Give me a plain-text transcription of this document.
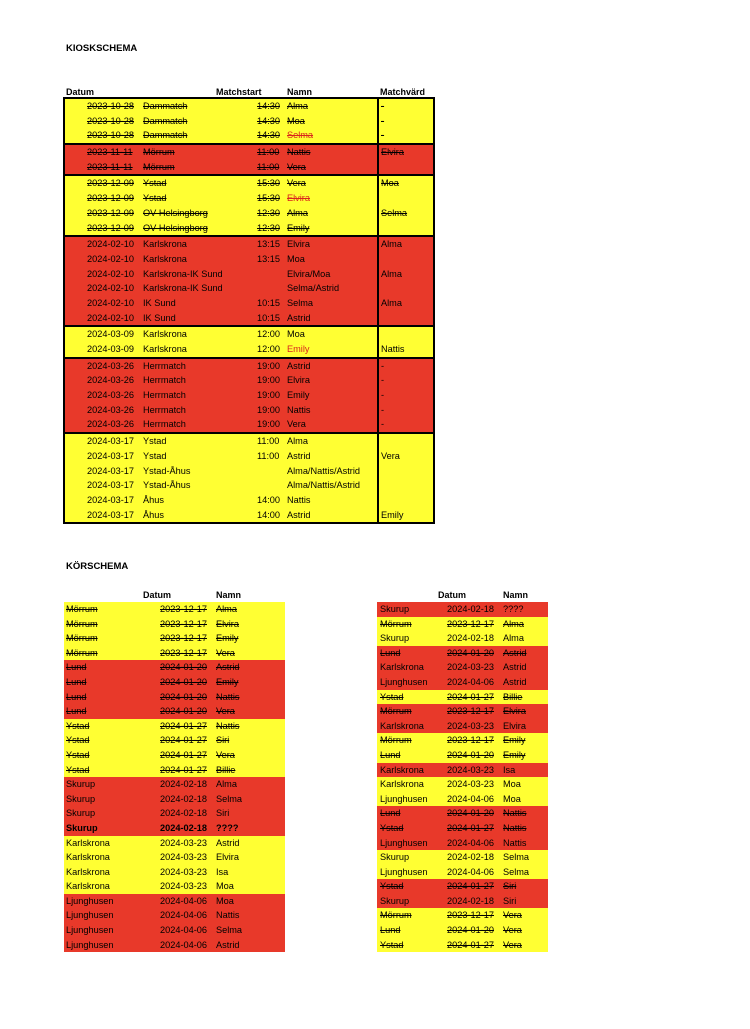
KIOSKSCHEMA
Datum	Matchstart	Namn	Matchvärd
2023-10-28 Dammatch	14:30 Alma	-
2023-10-28 Dammatch	14:30 Moa	-
2023-10-28 Dammatch	14:30 Selma	-
2023-11-11 Mörrum	11:00 Nattis	Elvira
2023-11-11 Mörrum	11:00 Vera
2023-12-09 Ystad	15:30 Vera	Moa
2023-12-09 Ystad	15:30 Elvira
2023-12-09 OV Helsingborg	12:30 Alma	Selma
2023-12-09 OV Helsingborg	12:30 Emily
2024-02-10 Karlskrona	13:15 Elvira	Alma
2024-02-10 Karlskrona	13:15 Moa
2024-02-10 Karlskrona-IK Sund	Elvira/Moa	Alma
2024-02-10 Karlskrona-IK Sund	Selma/Astrid
2024-02-10 IK Sund	10:15 Selma	Alma
2024-02-10 IK Sund	10:15 Astrid
2024-03-09 Karlskrona	12:00 Moa
2024-03-09 Karlskrona	12:00 Emily	Nattis
2024-03-26 Herrmatch	19:00 Astrid	-
2024-03-26 Herrmatch	19:00 Elvira	-
2024-03-26 Herrmatch	19:00 Emily	-
2024-03-26 Herrmatch	19:00 Nattis	-
2024-03-26 Herrmatch	19:00 Vera	-
2024-03-17 Ystad	11:00 Alma
2024-03-17 Ystad	11:00 Astrid	Vera
2024-03-17 Ystad-Åhus	Alma/Nattis/Astrid
2024-03-17 Ystad-Åhus	Alma/Nattis/Astrid
2024-03-17 Åhus	14:00 Nattis
2024-03-17 Åhus	14:00 Astrid	Emily
KÖRSCHEMA
Datum	Namn	Datum	Namn
Mörrum	2023-12-17 Alma
Mörrum	2023-12-17 Elvira
Mörrum	2023-12-17 Emily
Mörrum	2023-12-17 Vera
Lund	2024-01-20 Astrid
Lund	2024-01-20 Emily
Lund	2024-01-20 Nattis
Lund	2024-01-20 Vera
Ystad	2024-01-27 Nattis
Ystad	2024-01-27 Siri
Ystad	2024-01-27 Vera
Ystad	2024-01-27 Billie
Skurup	2024-02-18 Alma
Skurup	2024-02-18 Selma
Skurup	2024-02-18 Siri
Skurup	2024-02-18 ????
Karlskrona	2024-03-23 Astrid
Karlskrona	2024-03-23 Elvira
Karlskrona	2024-03-23 Isa
Karlskrona	2024-03-23 Moa
Ljunghusen	2024-04-06 Moa
Ljunghusen	2024-04-06 Nattis
Ljunghusen	2024-04-06 Selma
Ljunghusen	2024-04-06 Astrid
Skurup	2024-02-18 ????
Mörrum	2023-12-17 Alma
Skurup	2024-02-18 Alma
Lund	2024-01-20 Astrid
Karlskrona	2024-03-23 Astrid
Ljunghusen 2024-04-06 Astrid
Ystad	2024-01-27 Billie
Mörrum	2023-12-17 Elvira
Karlskrona	2024-03-23 Elvira
Mörrum	2023-12-17 Emily
Lund	2024-01-20 Emily
Karlskrona	2024-03-23 Isa
Karlskrona	2024-03-23 Moa
Ljunghusen 2024-04-06 Moa
Lund	2024-01-20 Nattis
Ystad	2024-01-27 Nattis
Ljunghusen 2024-04-06 Nattis
Skurup	2024-02-18 Selma
Ljunghusen 2024-04-06 Selma
Ystad	2024-01-27 Siri
Skurup	2024-02-18 Siri
Mörrum	2023-12-17 Vera
Lund	2024-01-20 Vera
Ystad	2024-01-27 Vera
